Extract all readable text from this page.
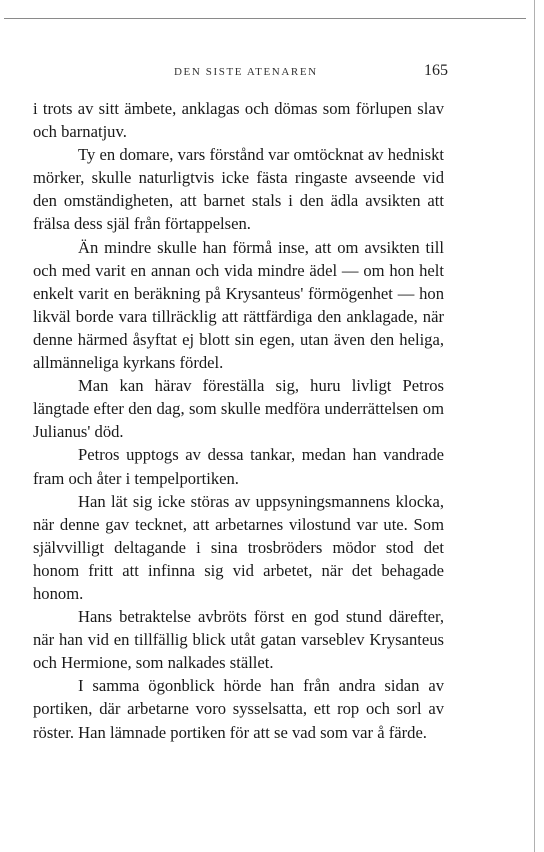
DEN SISTE ATENAREN	165

i trots av sitt ämbete, anklagas och dömas som förlupen slav och barnatjuv.

Ty en domare, vars förstånd var omtöcknat av hedniskt mörker, skulle naturligtvis icke fästa ringaste avseende vid den omständigheten, att barnet stals i den ädla avsikten att frälsa dess själ från förtappelsen.

Än mindre skulle han förmå inse, att om avsikten till och med varit en annan och vida mindre ädel — om hon helt enkelt varit en beräkning på Krysanteus' förmögenhet — hon likväl borde vara tillräcklig att rättfärdiga den anklagade, när denne härmed åsyftat ej blott sin egen, utan även den heliga, allmänneliga kyrkans fördel.

Man kan härav föreställa sig, huru livligt Petros längtade efter den dag, som skulle medföra underrättelsen om Julianus' död.

Petros upptogs av dessa tankar, medan han vandrade fram och åter i tempelportiken.

Han lät sig icke störas av uppsyningsmannens klocka, när denne gav tecknet, att arbetarnes vilostund var ute. Som självvilligt deltagande i sina trosbröders mödor stod det honom fritt att infinna sig vid arbetet, när det behagade honom.

Hans betraktelse avbröts först en god stund därefter, när han vid en tillfällig blick utåt gatan varseblev Krysanteus och Hermione, som nalkades stället.

I samma ögonblick hörde han från andra sidan av portiken, där arbetarne voro sysselsatta, ett rop och sorl av röster. Han lämnade portiken för att se vad som var å färde.
